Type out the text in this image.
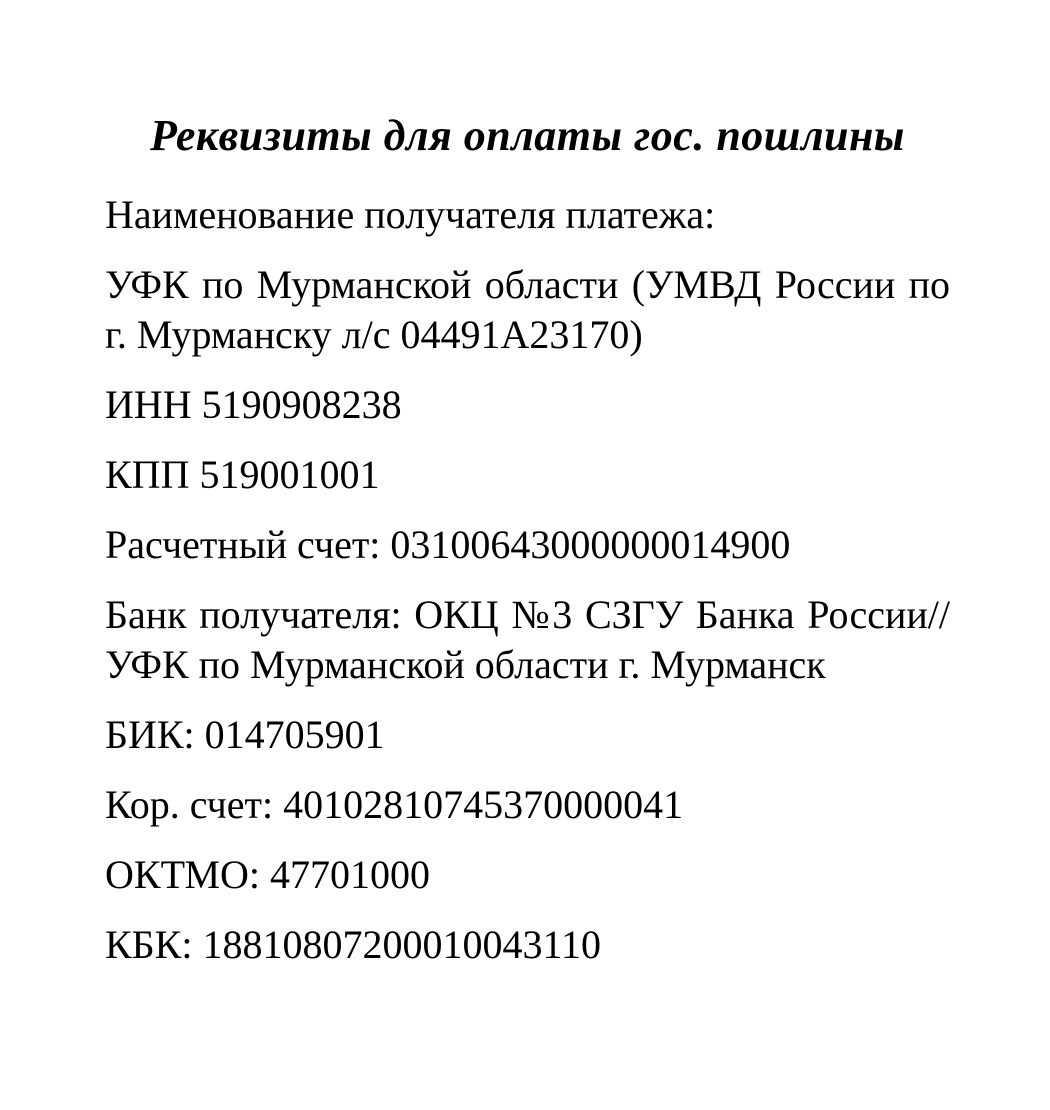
Реквизиты для оплаты гос. пошлины

Наименование получателя платежа:

УФК по Мурманской области (УМВД России по

г. Мурманску л/с 04491А23170)

ИНН 5190908238

КПП 519001001

Расчетный счет: 03100643000000014900

Банк получателя: ОКЦ №3 СЗГУ Банка России//

УФК по Мурманской области г. Мурманск

БИК: 014705901

Кор. счет: 40102810745370000041

ОКТМО: 47701000

КБК: 18810807200010043110
